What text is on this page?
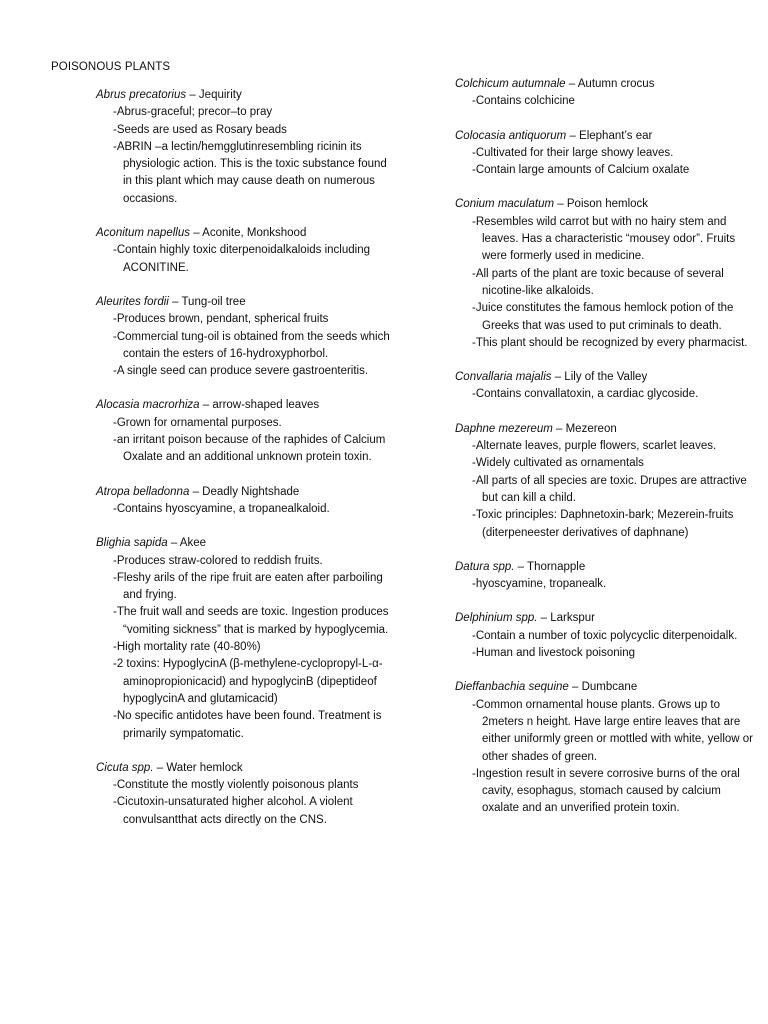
POISONOUS PLANTS
Abrus precatorius – Jequirity
-Abrus-graceful; precor–to pray
-Seeds are used as Rosary beads
-ABRIN –a lectin/hemgglutinresembling ricinin its physiologic action. This is the toxic substance found in this plant which may cause death on numerous occasions.
Aconitum napellus – Aconite, Monkshood
-Contain highly toxic diterpenoidalkaloids including ACONITINE.
Aleurites fordii – Tung-oil tree
-Produces brown, pendant, spherical fruits
-Commercial tung-oil is obtained from the seeds which contain the esters of 16-hydroxyphorbol.
-A single seed can produce severe gastroenteritis.
Alocasia macrorhiza – arrow-shaped leaves
-Grown for ornamental purposes.
-an irritant poison because of the raphides of Calcium Oxalate and an additional unknown protein toxin.
Atropa belladonna – Deadly Nightshade
-Contains hyoscyamine, a tropanealkaloid.
Blighia sapida – Akee
-Produces straw-colored to reddish fruits.
-Fleshy arils of the ripe fruit are eaten after parboiling and frying.
-The fruit wall and seeds are toxic. Ingestion produces “vomiting sickness” that is marked by hypoglycemia.
-High mortality rate (40-80%)
-2 toxins: HypoglycinA (β-methylene-cyclopropyl-L-α-aminopropionicacid) and hypoglycinB (dipeptideof hypoglycinA and glutamicacid)
-No specific antidotes have been found. Treatment is primarily sympatomatic.
Cicuta spp. – Water hemlock
-Constitute the mostly violently poisonous plants
-Cicutoxin-unsaturated higher alcohol. A violent convulsantthat acts directly on the CNS.
Colchicum autumnale – Autumn crocus
-Contains colchicine
Colocasia antiquorum – Elephant’s ear
-Cultivated for their large showy leaves.
-Contain large amounts of Calcium oxalate
Conium maculatum – Poison hemlock
-Resembles wild carrot but with no hairy stem and leaves. Has a characteristic “mousey odor”. Fruits were formerly used in medicine.
-All parts of the plant are toxic because of several nicotine-like alkaloids.
-Juice constitutes the famous hemlock potion of the Greeks that was used to put criminals to death.
-This plant should be recognized by every pharmacist.
Convallaria majalis – Lily of the Valley
-Contains convallatoxin, a cardiac glycoside.
Daphne mezereum – Mezereon
-Alternate leaves, purple flowers, scarlet leaves.
-Widely cultivated as ornamentals
-All parts of all species are toxic. Drupes are attractive but can kill a child.
-Toxic principles: Daphnetoxin-bark; Mezerein-fruits (diterpeneester derivatives of daphnane)
Datura spp. – Thornapple
-hyoscyamine, tropanealk.
Delphinium spp. – Larkspur
-Contain a number of toxic polycyclic diterpenoidalk.
-Human and livestock poisoning
Dieffanbachia sequine – Dumbcane
-Common ornamental house plants. Grows up to 2meters n height. Have large entire leaves that are either uniformly green or mottled with white, yellow or other shades of green.
-Ingestion result in severe corrosive burns of the oral cavity, esophagus, stomach caused by calcium oxalate and an unverified protein toxin.
